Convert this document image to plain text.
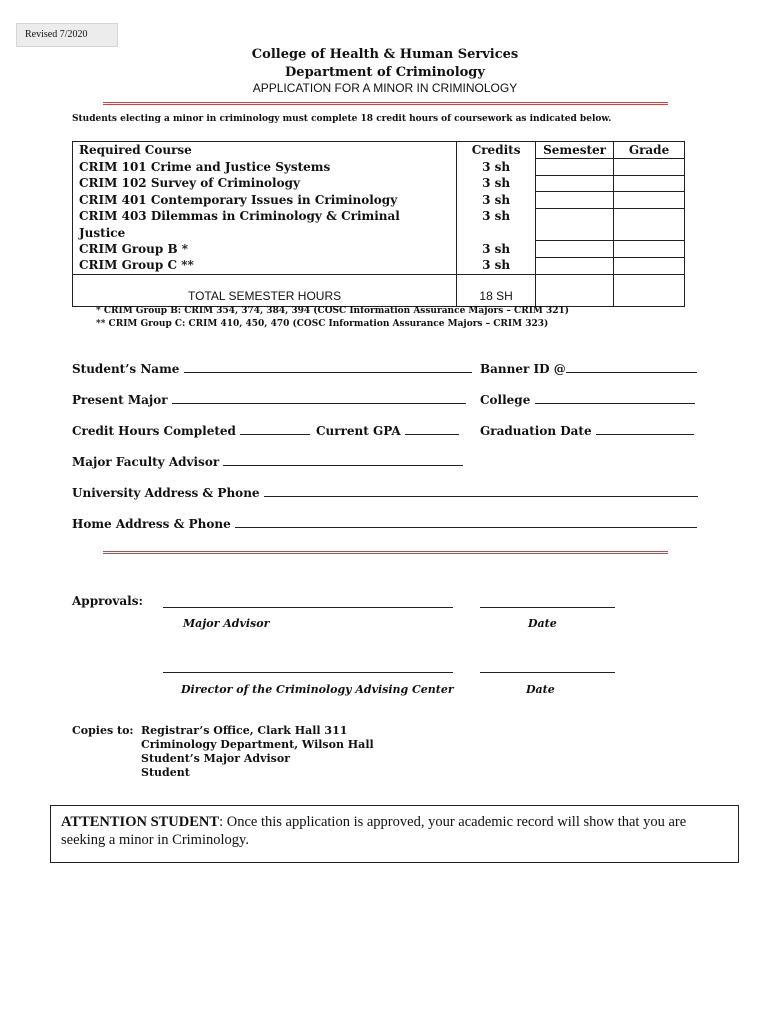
Revised 7/2020
College of Health & Human Services
Department of Criminology
APPLICATION FOR A MINOR IN CRIMINOLOGY
Students electing a minor in criminology must complete 18 credit hours of coursework as indicated below.
Required Course	Credits	Semester	Grade
CRIM 101 Crime and Justice Systems	3 sh		
CRIM 102 Survey of Criminology	3 sh		
CRIM 401 Contemporary Issues in Criminology	3 sh		
CRIM 403 Dilemmas in Criminology & Criminal Justice	3 sh		
CRIM Group B *	3 sh		
CRIM Group C **	3 sh		
TOTAL SEMESTER HOURS	18 SH		
* CRIM Group B: CRIM 354, 374, 384, 394 (COSC Information Assurance Majors – CRIM 321)
** CRIM Group C: CRIM 410, 450, 470 (COSC Information Assurance Majors – CRIM 323)
Student’s Name	Banner ID @
Present Major	College
Credit Hours Completed	Current GPA	Graduation Date
Major Faculty Advisor
University Address & Phone
Home Address & Phone
Approvals:
Major Advisor	Date
Director of the Criminology Advising Center	Date
Copies to: Registrar’s Office, Clark Hall 311
Criminology Department, Wilson Hall
Student’s Major Advisor
Student
ATTENTION STUDENT: Once this application is approved, your academic record will show that you are seeking a minor in Criminology.
